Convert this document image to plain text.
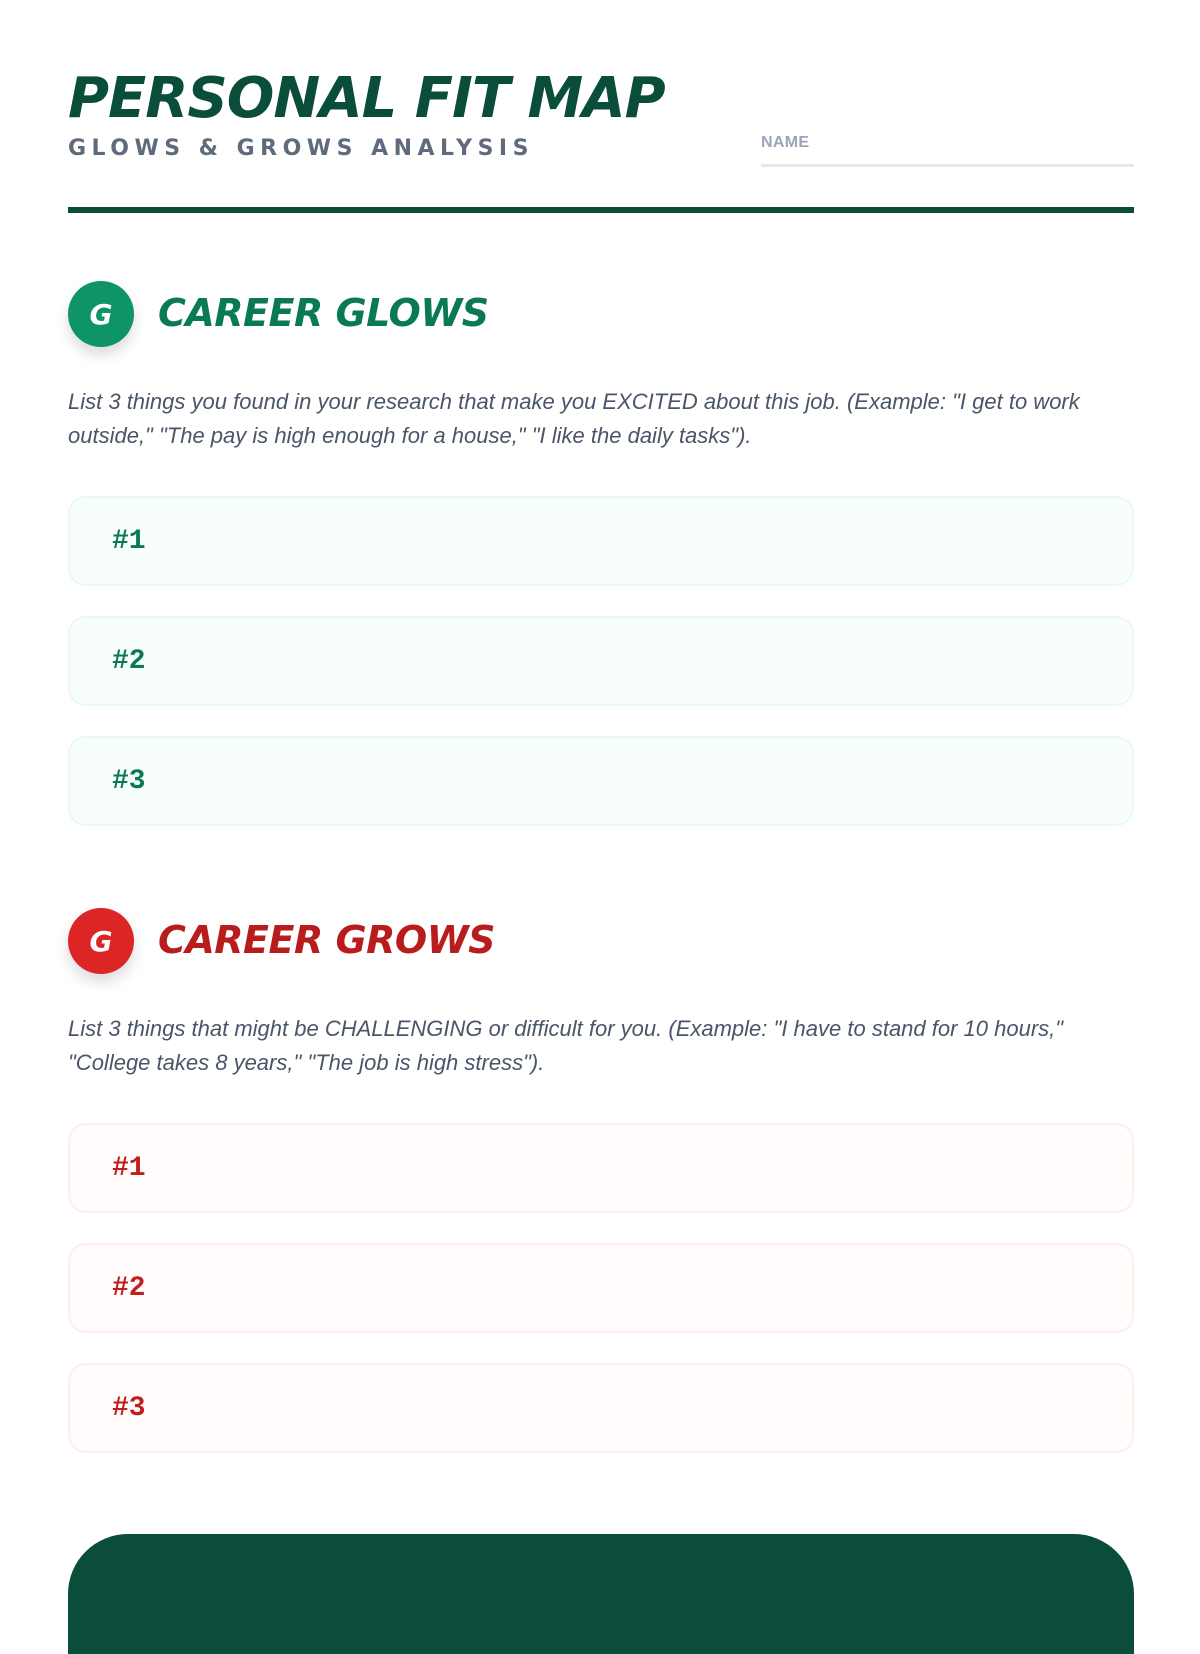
PERSONAL FIT MAP
GLOWS & GROWS ANALYSIS	NAME
G CAREER GLOWS
List 3 things you found in your research that make you EXCITED about this job. (Example: "I get to work outside," "The pay is high enough for a house," "I like the daily tasks").
#1
#2
#3
G CAREER GROWS
List 3 things that might be CHALLENGING or difficult for you. (Example: "I have to stand for 10 hours," "College takes 8 years," "The job is high stress").
#1
#2
#3
